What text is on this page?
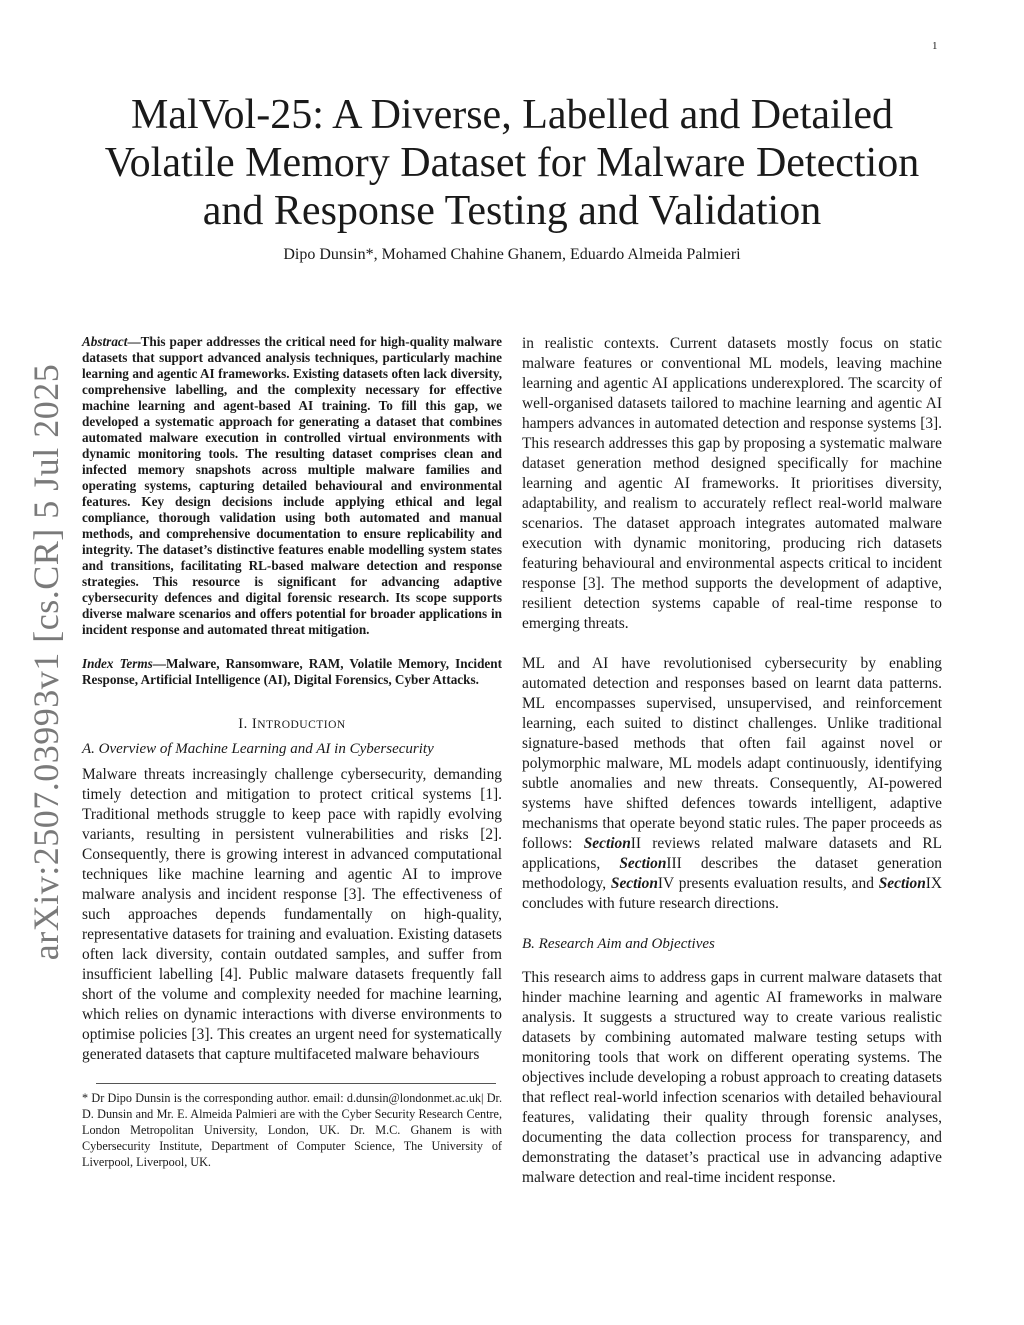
1
arXiv:2507.03993v1 [cs.CR] 5 Jul 2025
MalVol-25: A Diverse, Labelled and Detailed Volatile Memory Dataset for Malware Detection and Response Testing and Validation
Dipo Dunsin*, Mohamed Chahine Ghanem, Eduardo Almeida Palmieri

Abstract—This paper addresses the critical need for high-quality malware datasets that support advanced analysis techniques, particularly machine learning and agentic AI frameworks. Existing datasets often lack diversity, comprehensive labelling, and the complexity necessary for effective machine learning and agent-based AI training. To fill this gap, we developed a systematic approach for generating a dataset that combines automated malware execution in controlled virtual environments with dynamic monitoring tools. The resulting dataset comprises clean and infected memory snapshots across multiple malware families and operating systems, capturing detailed behavioural and environmental features. Key design decisions include applying ethical and legal compliance, thorough validation using both automated and manual methods, and comprehensive documentation to ensure replicability and integrity. The dataset’s distinctive features enable modelling system states and transitions, facilitating RL-based malware detection and response strategies. This resource is significant for advancing adaptive cybersecurity defences and digital forensic research. Its scope supports diverse malware scenarios and offers potential for broader applications in incident response and automated threat mitigation.

Index Terms—Malware, Ransomware, RAM, Volatile Memory, Incident Response, Artificial Intelligence (AI), Digital Forensics, Cyber Attacks.

I. INTRODUCTION
A. Overview of Machine Learning and AI in Cybersecurity

Malware threats increasingly challenge cybersecurity, demanding timely detection and mitigation to protect critical systems [1]. Traditional methods struggle to keep pace with rapidly evolving variants, resulting in persistent vulnerabilities and risks [2]. Consequently, there is growing interest in advanced computational techniques like machine learning and agentic AI to improve malware analysis and incident response [3]. The effectiveness of such approaches depends fundamentally on high-quality, representative datasets for training and evaluation. Existing datasets often lack diversity, contain outdated samples, and suffer from insufficient labelling [4]. Public malware datasets frequently fall short of the volume and complexity needed for machine learning, which relies on dynamic interactions with diverse environments to optimise policies [3]. This creates an urgent need for systematically generated datasets that capture multifaceted malware behaviours

* Dr Dipo Dunsin is the corresponding author. email: d.dunsin@londonmet.ac.uk| Dr. D. Dunsin and Mr. E. Almeida Palmieri are with the Cyber Security Research Centre, London Metropolitan University, London, UK. Dr. M.C. Ghanem is with Cybersecurity Institute, Department of Computer Science, The University of Liverpool, Liverpool, UK.

in realistic contexts. Current datasets mostly focus on static malware features or conventional ML models, leaving machine learning and agentic AI applications underexplored. The scarcity of well-organised datasets tailored to machine learning and agentic AI hampers advances in automated detection and response systems [3]. This research addresses this gap by proposing a systematic malware dataset generation method designed specifically for machine learning and agentic AI frameworks. It prioritises diversity, adaptability, and realism to accurately reflect real-world malware scenarios. The dataset approach integrates automated malware execution with dynamic monitoring, producing rich datasets featuring behavioural and environmental aspects critical to incident response [3]. The method supports the development of adaptive, resilient detection systems capable of real-time response to emerging threats.

ML and AI have revolutionised cybersecurity by enabling automated detection and responses based on learnt data patterns. ML encompasses supervised, unsupervised, and reinforcement learning, each suited to distinct challenges. Unlike traditional signature-based methods that often fail against novel or polymorphic malware, ML models adapt continuously, identifying subtle anomalies and new threats. Consequently, AI-powered systems have shifted defences towards intelligent, adaptive mechanisms that operate beyond static rules. The paper proceeds as follows: SectionII reviews related malware datasets and RL applications, SectionIII describes the dataset generation methodology, SectionIV presents evaluation results, and SectionIX concludes with future research directions.

B. Research Aim and Objectives

This research aims to address gaps in current malware datasets that hinder machine learning and agentic AI frameworks in malware analysis. It suggests a structured way to create various realistic datasets by combining automated malware testing setups with monitoring tools that work on different operating systems. The objectives include developing a robust approach to creating datasets that reflect real-world infection scenarios with detailed behavioural features, validating their quality through forensic analyses, documenting the data collection process for transparency, and demonstrating the dataset’s practical use in advancing adaptive malware detection and real-time incident response.
